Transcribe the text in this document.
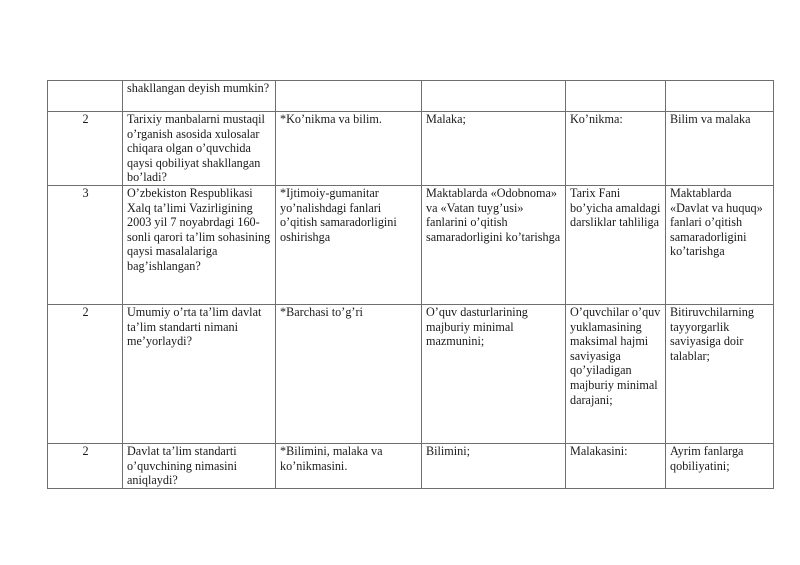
	shakllangan deyish mumkin?				
2	Tarixiy manbalarni mustaqil o’rganish asosida xulosalar chiqara olgan o’quvchida qaysi qobiliyat shakllangan bo’ladi?	*Ko’nikma va bilim.	Malaka;	Ko’nikma:	Bilim va malaka
3	O’zbekiston Respublikasi Xalq ta’limi Vazirligining 2003 yil 7 noyabrdagi 160-sonli qarori ta’lim sohasining qaysi masalalariga bag’ishlangan?	*Ijtimoiy-gumanitar yo’nalishdagi fanlari o’qitish samaradorligini oshirishga	Maktablarda «Odobnoma» va «Vatan tuyg’usi» fanlarini o’qitish samaradorligini ko’tarishga	Tarix Fani bo’yicha amaldagi darsliklar tahliliga	Maktablarda «Davlat va huquq» fanlari o’qitish samaradorligini ko’tarishga
2	Umumiy o’rta ta’lim davlat ta’lim standarti nimani me’yorlaydi?	*Barchasi to’g’ri	O’quv dasturlarining majburiy minimal mazmunini;	O’quvchilar o’quv yuklamasining maksimal hajmi saviyasiga qo’yiladigan majburiy minimal darajani;	Bitiruvchilarning tayyorgarlik saviyasiga doir talablar;
2	Davlat ta’lim standarti o’quvchining nimasini aniqlaydi?	*Bilimini, malaka va ko’nikmasini.	Bilimini;	Malakasini:	Ayrim fanlarga qobiliyatini;
